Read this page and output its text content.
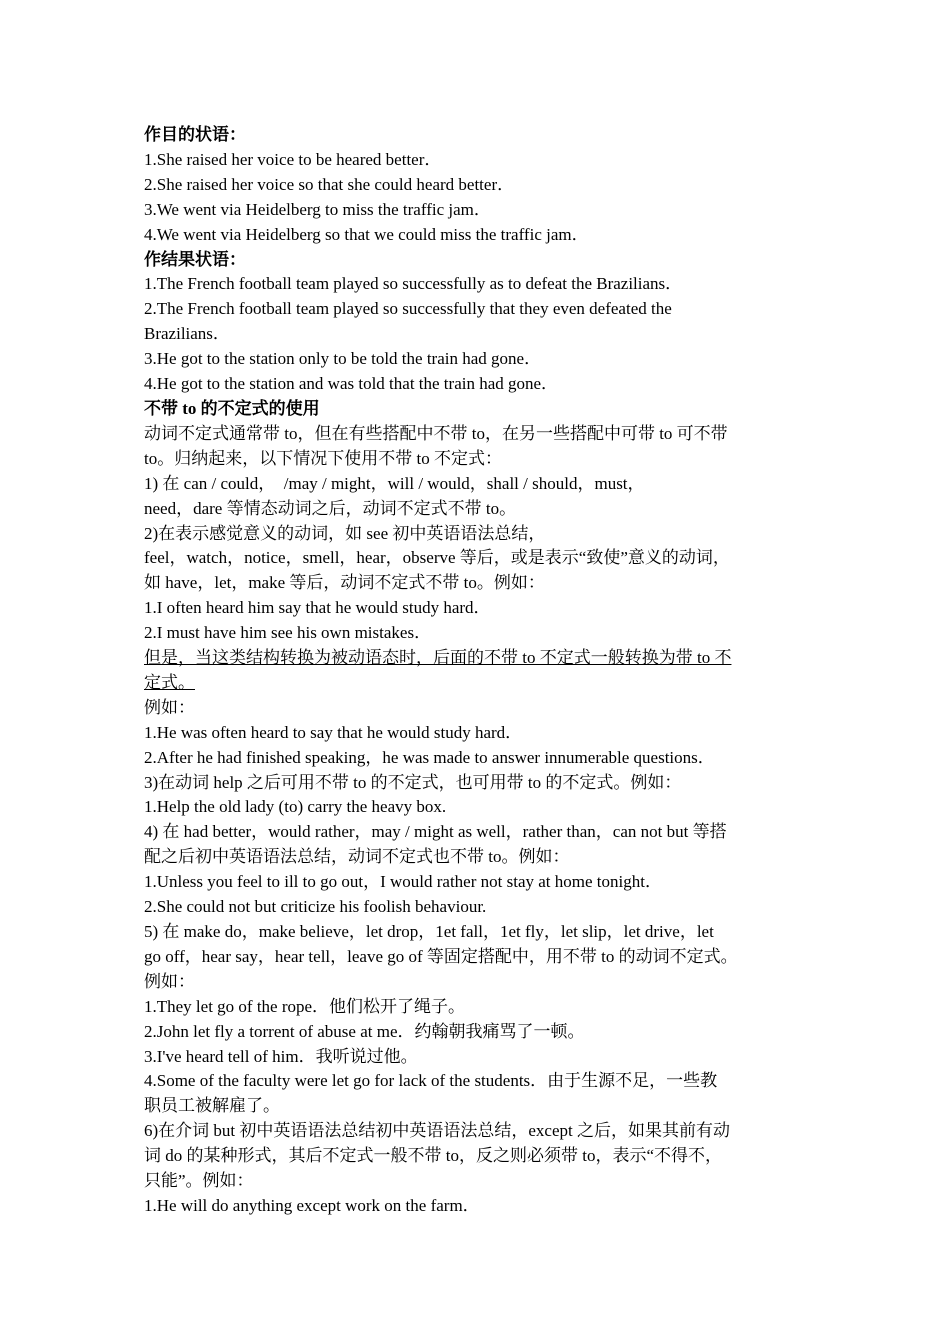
作目的状语：

1.She raised her voice to be heared better．

2.She raised her voice so that she could heard better．

3.We went via Heidelberg to miss the traffic jam．

4.We went via Heidelberg so that we could miss the traffic jam．

作结果状语：

1.The French football team played so successfully as to defeat the Brazilians．

2.The French football team played so successfully that they even defeated the

Brazilians．

3.He got to the station only to be told the train had gone．

4.He got to the station and was told that the train had gone．

不带 to 的不定式的使用

动词不定式通常带 to，但在有些搭配中不带 to，在另一些搭配中可带 to 可不带

to。归纳起来，以下情况下使用不带 to 不定式：

1) 在 can / could，　/may / might，will / would，shall / should，must，

need，dare 等情态动词之后，动词不定式不带 to。

2)在表示感觉意义的动词，如 see 初中英语语法总结，

feel，watch，notice，smell，hear，observe 等后，或是表示“致使”意义的动词，

如 have，let，make 等后，动词不定式不带 to。例如：

1.I often heard him say that he would study hard．

2.I must have him see his own mistakes．

但是，当这类结构转换为被动语态时，后面的不带 to 不定式一般转换为带 to 不

定式。

例如：

1.He was often heard to say that he would study hard．

2.After he had finished speaking，he was made to answer innumerable questions．

3)在动词 help 之后可用不带 to 的不定式，也可用带 to 的不定式。例如：

1.Help the old lady (to) carry the heavy box.

4) 在 had better，would rather，may / might as well，rather than，can not but 等搭

配之后初中英语语法总结，动词不定式也不带 to。例如：

1.Unless you feel to ill to go out，I would rather not stay at home tonight．

2.She could not but criticize his foolish behaviour.

5) 在 make do，make believe，let drop，1et fall，1et fly，let slip，let drive，let

go off，hear say，hear tell，leave go of 等固定搭配中，用不带 to 的动词不定式。

例如：

1.They let go of the rope．他们松开了绳子。

2.John let fly a torrent of abuse at me．约翰朝我痛骂了一顿。

3.I've heard tell of him．我听说过他。

4.Some of the faculty were let go for lack of the students．由于生源不足，一些教

职员工被解雇了。

6)在介词 but 初中英语语法总结初中英语语法总结，except 之后，如果其前有动

词 do 的某种形式，其后不定式一般不带 to，反之则必须带 to，表示“不得不，

只能”。例如：

1.He will do anything except work on the farm．
